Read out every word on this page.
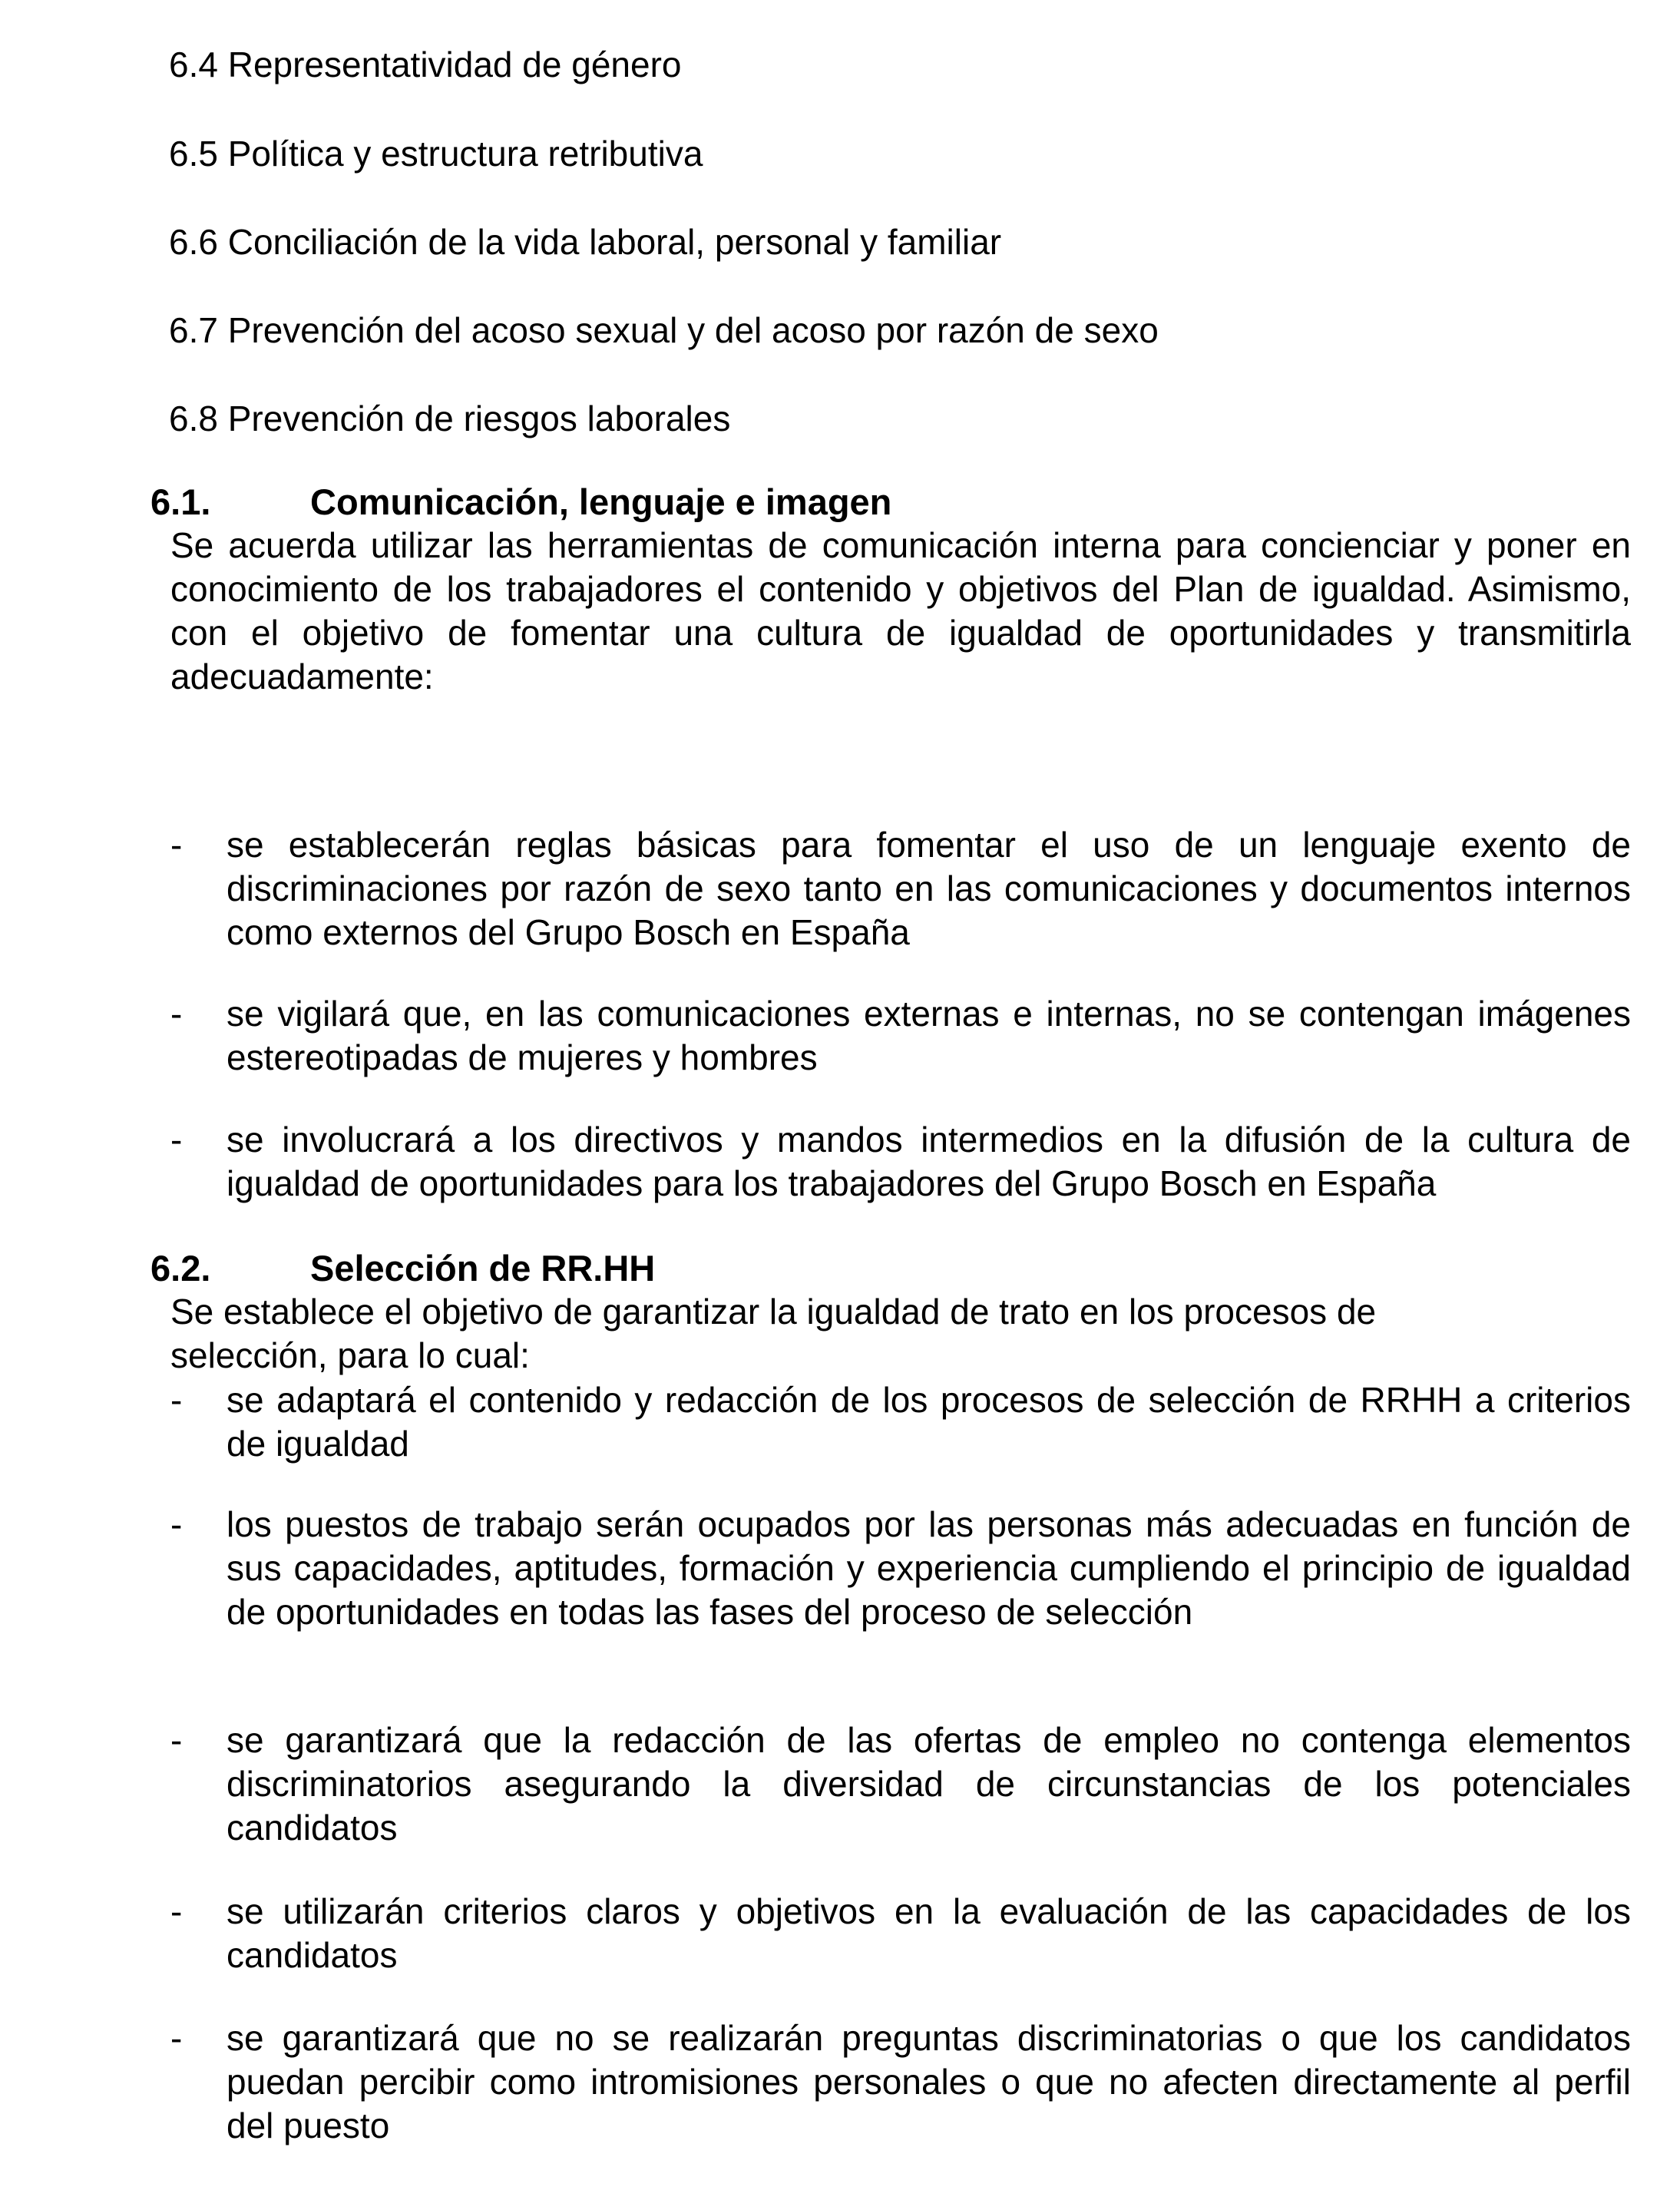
6.4 Representatividad de género
6.5 Política y estructura retributiva
6.6 Conciliación de la vida laboral, personal y familiar
6.7 Prevención del acoso sexual y del acoso por razón de sexo
6.8 Prevención de riesgos laborales
6.1.	Comunicación, lenguaje e imagen
Se acuerda utilizar las herramientas de comunicación interna para concienciar y poner en conocimiento de los trabajadores el contenido y objetivos del Plan de igualdad. Asimismo, con el objetivo de fomentar una cultura de igualdad de oportunidades y transmitirla adecuadamente:
-	se establecerán reglas básicas para fomentar el uso de un lenguaje exento de discriminaciones por razón de sexo tanto en las comunicaciones y documentos internos como externos del Grupo Bosch en España
-	se vigilará que, en las comunicaciones externas e internas, no se contengan imágenes estereotipadas de mujeres y hombres
-	se involucrará a los directivos y mandos intermedios en la difusión de la cultura de igualdad de oportunidades para los trabajadores del Grupo Bosch en España
6.2.	Selección de RR.HH
Se establece el objetivo de garantizar la igualdad de trato en los procesos de selección, para lo cual:
-	se adaptará el contenido y redacción de los procesos de selección de RRHH a criterios de igualdad
-	los puestos de trabajo serán ocupados por las personas más adecuadas en función de sus capacidades, aptitudes, formación y experiencia cumpliendo el principio de igualdad de oportunidades en todas las fases del proceso de selección
-	se garantizará que la redacción de las ofertas de empleo no contenga elementos discriminatorios asegurando la diversidad de circunstancias de los potenciales candidatos
-	se utilizarán criterios claros y objetivos en la evaluación de las capacidades de los candidatos
-	se garantizará que no se realizarán preguntas discriminatorias o que los candidatos puedan percibir como intromisiones personales o que no afecten directamente al perfil del puesto
